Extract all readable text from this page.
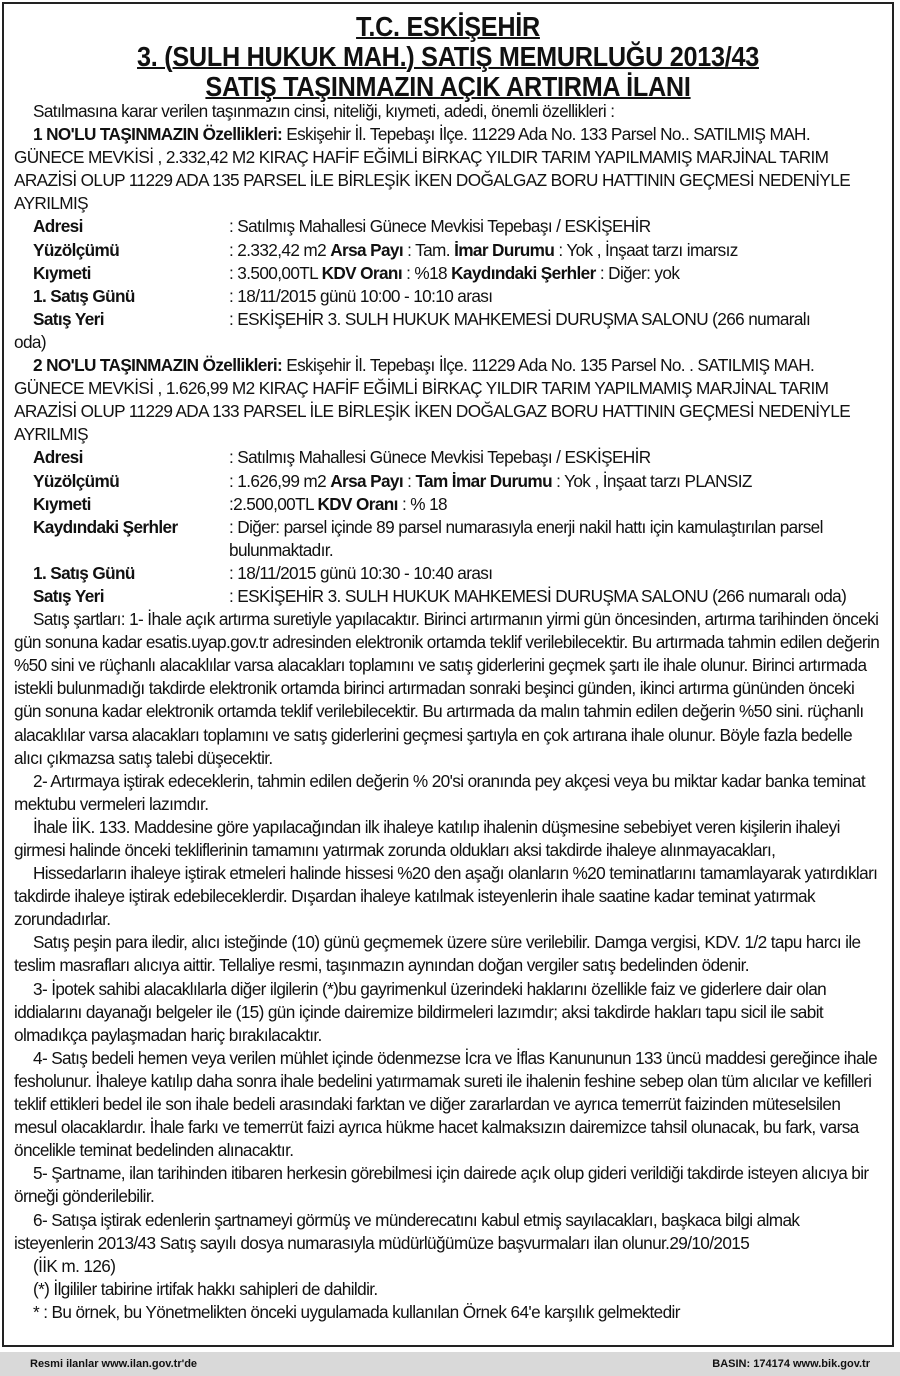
T.C. ESKİŞEHİR
3. (SULH HUKUK MAH.) SATIŞ MEMURLUĞU 2013/43
SATIŞ TAŞINMAZIN AÇIK ARTIRMA İLANI
Satılmasına karar verilen taşınmazın cinsi, niteliği, kıymeti, adedi, önemli özellikleri :
1 NO'LU TAŞINMAZIN Özellikleri: Eskişehir İl. Tepebaşı İlçe. 11229 Ada No. 133 Parsel No.. SATILMIŞ MAH. GÜNECE MEVKİSİ , 2.332,42 M2 KIRAÇ HAFİF EĞİMLİ BİRKAÇ YILDIR TARIM YAPILMAMIŞ MARJİNAL TARIM ARAZİSİ OLUP 11229 ADA 135 PARSEL İLE BİRLEŞİK İKEN DOĞALGAZ BORU HATTININ GEÇMESİ NEDENİYLE AYRILMIŞ
Adresi	: Satılmış Mahallesi Günece Mevkisi Tepebaşı / ESKİŞEHİR
Yüzölçümü	: 2.332,42 m2 Arsa Payı : Tam. İmar Durumu : Yok , İnşaat tarzı imarsız
Kıymeti	: 3.500,00TL KDV Oranı : %18 Kaydındaki Şerhler : Diğer: yok
1. Satış Günü	: 18/11/2015 günü 10:00 - 10:10 arası
Satış Yeri	: ESKİŞEHİR 3. SULH HUKUK MAHKEMESİ DURUŞMA SALONU (266 numaralı
oda)
2 NO'LU TAŞINMAZIN Özellikleri: Eskişehir İl. Tepebaşı İlçe. 11229 Ada No. 135 Parsel No. . SATILMIŞ MAH. GÜNECE MEVKİSİ , 1.626,99 M2 KIRAÇ HAFİF EĞİMLİ BİRKAÇ YILDIR TARIM YAPILMAMIŞ MARJİNAL TARIM ARAZİSİ OLUP 11229 ADA 133 PARSEL İLE BİRLEŞİK İKEN DOĞALGAZ BORU HATTININ GEÇMESİ NEDENİYLE AYRILMIŞ
Adresi	: Satılmış Mahallesi Günece Mevkisi Tepebaşı / ESKİŞEHİR
Yüzölçümü	: 1.626,99 m2 Arsa Payı : Tam İmar Durumu : Yok , İnşaat tarzı PLANSIZ
Kıymeti	:2.500,00TL KDV Oranı : % 18
Kaydındaki Şerhler	: Diğer: parsel içinde 89 parsel numarasıyla enerji nakil hattı için kamulaştırılan parsel bulunmaktadır.
1. Satış Günü	: 18/11/2015 günü 10:30 - 10:40 arası
Satış Yeri	: ESKİŞEHİR 3. SULH HUKUK MAHKEMESİ DURUŞMA SALONU (266 numaralı oda)
Satış şartları: 1- İhale açık artırma suretiyle yapılacaktır. Birinci artırmanın yirmi gün öncesinden, artırma tarihinden önceki gün sonuna kadar esatis.uyap.gov.tr adresinden elektronik ortamda teklif verilebilecektir. Bu artırmada tahmin edilen değerin %50 sini ve rüçhanlı alacaklılar varsa alacakları toplamını ve satış giderlerini geçmek şartı ile ihale olunur. Birinci artırmada istekli bulunmadığı takdirde elektronik ortamda birinci artırmadan sonraki beşinci günden, ikinci artırma gününden önceki gün sonuna kadar elektronik ortamda teklif verilebilecektir. Bu artırmada da malın tahmin edilen değerin %50 sini. rüçhanlı alacaklılar varsa alacakları toplamını ve satış giderlerini geçmesi şartıyla en çok artırana ihale olunur. Böyle fazla bedelle alıcı çıkmazsa satış talebi düşecektir.
2- Artırmaya iştirak edeceklerin, tahmin edilen değerin % 20'si oranında pey akçesi veya bu miktar kadar banka teminat mektubu vermeleri lazımdır.
İhale İİK. 133. Maddesine göre yapılacağından ilk ihaleye katılıp ihalenin düşmesine sebebiyet veren kişilerin ihaleyi girmesi halinde önceki tekliflerinin tamamını yatırmak zorunda oldukları aksi takdirde ihaleye alınmayacakları,
Hissedarların ihaleye iştirak etmeleri halinde hissesi %20 den aşağı olanların %20 teminatlarını tamamlayarak yatırdıkları takdirde ihaleye iştirak edebileceklerdir. Dışardan ihaleye katılmak isteyenlerin ihale saatine kadar teminat yatırmak zorundadırlar.
Satış peşin para iledir, alıcı isteğinde (10) günü geçmemek üzere süre verilebilir. Damga vergisi, KDV. 1/2 tapu harcı ile teslim masrafları alıcıya aittir. Tellaliye resmi, taşınmazın aynından doğan vergiler satış bedelinden ödenir.
3- İpotek sahibi alacaklılarla diğer ilgilerin (*)bu gayrimenkul üzerindeki haklarını özellikle faiz ve giderlere dair olan iddialarını dayanağı belgeler ile (15) gün içinde dairemize bildirmeleri lazımdır; aksi takdirde hakları tapu sicil ile sabit olmadıkça paylaşmadan hariç bırakılacaktır.
4- Satış bedeli hemen veya verilen mühlet içinde ödenmezse İcra ve İflas Kanununun 133 üncü maddesi gereğince ihale fesholunur. İhaleye katılıp daha sonra ihale bedelini yatırmamak sureti ile ihalenin feshine sebep olan tüm alıcılar ve kefilleri teklif ettikleri bedel ile son ihale bedeli arasındaki farktan ve diğer zararlardan ve ayrıca temerrüt faizinden müteselsilen mesul olacaklardır. İhale farkı ve temerrüt faizi ayrıca hükme hacet kalmaksızın dairemizce tahsil olunacak, bu fark, varsa öncelikle teminat bedelinden alınacaktır.
5- Şartname, ilan tarihinden itibaren herkesin görebilmesi için dairede açık olup gideri verildiği takdirde isteyen alıcıya bir örneği gönderilebilir.
6- Satışa iştirak edenlerin şartnameyi görmüş ve münderecatını kabul etmiş sayılacakları, başkaca bilgi almak isteyenlerin 2013/43 Satış sayılı dosya numarasıyla müdürlüğümüze başvurmaları ilan olunur.29/10/2015
(İİK m. 126)
(*) İlgililer tabirine irtifak hakkı sahipleri de dahildir.
* : Bu örnek, bu Yönetmelikten önceki uygulamada kullanılan Örnek 64'e karşılık gelmektedir
Resmi ilanlar www.ilan.gov.tr'de	BASIN: 174174 www.bik.gov.tr
